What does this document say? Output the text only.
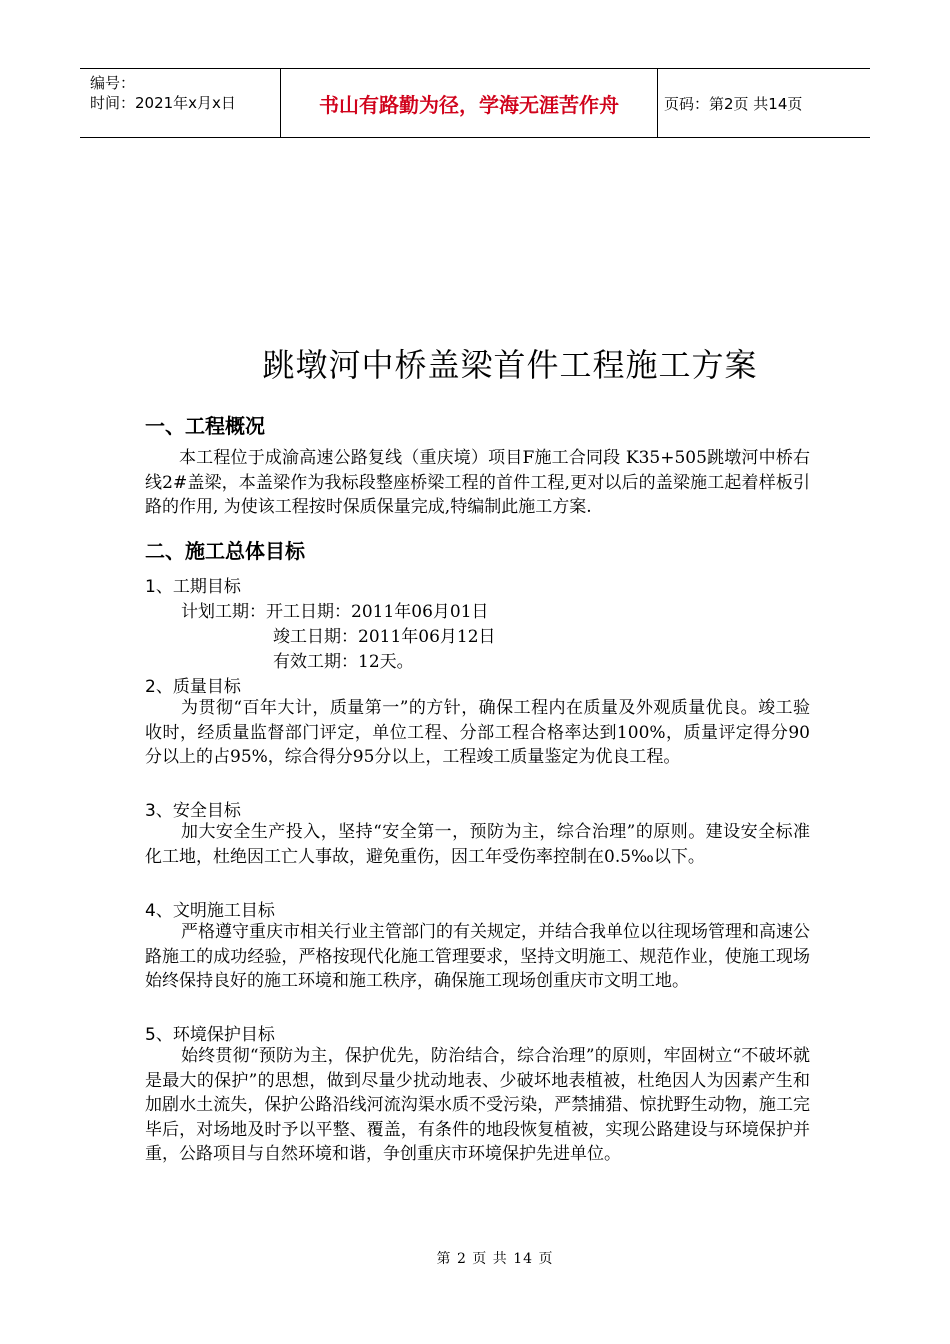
编号：
时间：2021年x月x日	书山有路勤为径，学海无涯苦作舟	页码：第2页 共14页
跳墩河中桥盖梁首件工程施工方案
一、工程概况

本工程位于成渝高速公路复线（重庆境）项目F施工合同段 K35+505跳墩河中桥右线2#盖梁，本盖梁作为我标段整座桥梁工程的首件工程,更对以后的盖梁施工起着样板引路的作用, 为使该工程按时保质保量完成,特编制此施工方案.

二、施工总体目标
1、工期目标
计划工期：开工日期：2011年06月01日
竣工日期：2011年06月12日
有效工期：12天。
2、质量目标

为贯彻“百年大计，质量第一”的方针，确保工程内在质量及外观质量优良。竣工验收时，经质量监督部门评定，单位工程、分部工程合格率达到100%，质量评定得分90分以上的占95%，综合得分95分以上，工程竣工质量鉴定为优良工程。

3、安全目标

加大安全生产投入，坚持“安全第一，预防为主，综合治理”的原则。建设安全标准化工地，杜绝因工亡人事故，避免重伤，因工年受伤率控制在0.5‰以下。

4、文明施工目标

严格遵守重庆市相关行业主管部门的有关规定，并结合我单位以往现场管理和高速公路施工的成功经验，严格按现代化施工管理要求，坚持文明施工、规范作业，使施工现场始终保持良好的施工环境和施工秩序，确保施工现场创重庆市文明工地。

5、环境保护目标

始终贯彻“预防为主，保护优先，防治结合，综合治理”的原则，牢固树立“不破坏就是最大的保护”的思想，做到尽量少扰动地表、少破坏地表植被，杜绝因人为因素产生和加剧水土流失，保护公路沿线河流沟渠水质不受污染，严禁捕猎、惊扰野生动物，施工完毕后，对场地及时予以平整、覆盖，有条件的地段恢复植被，实现公路建设与环境保护并重，公路项目与自然环境和谐，争创重庆市环境保护先进单位。

第 2 页 共 14 页
